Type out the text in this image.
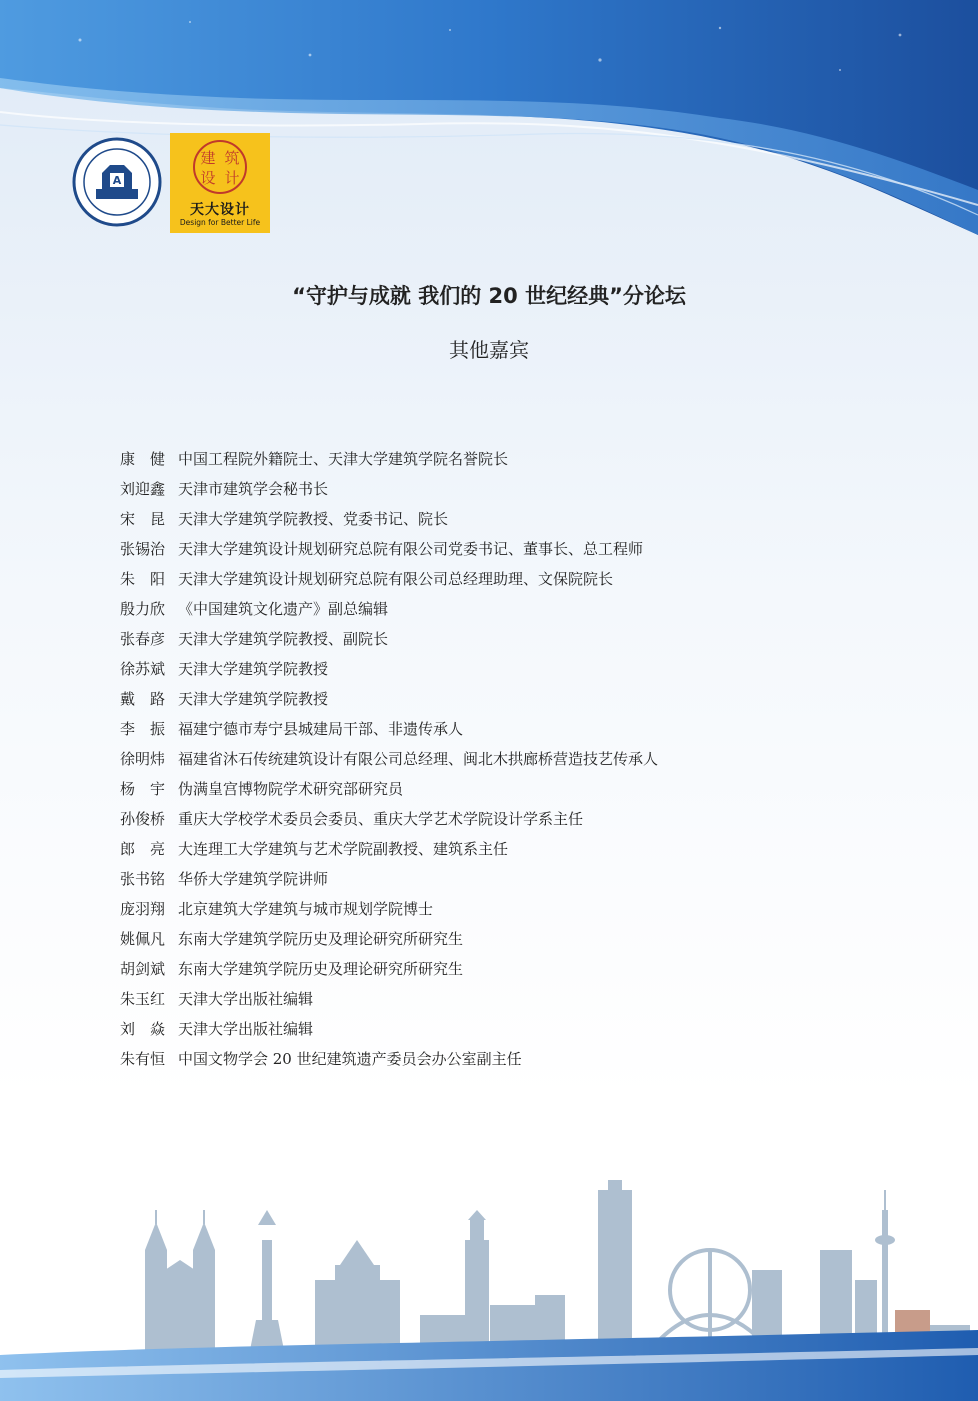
A
建 筑
设 计
天大设计
Design for Better Life
“守护与成就 我们的 20 世纪经典”分论坛
其他嘉宾
康　健 中国工程院外籍院士、天津大学建筑学院名誉院长
刘迎鑫 天津市建筑学会秘书长
宋　昆 天津大学建筑学院教授、党委书记、院长
张锡治 天津大学建筑设计规划研究总院有限公司党委书记、董事长、总工程师
朱　阳 天津大学建筑设计规划研究总院有限公司总经理助理、文保院院长
殷力欣 《中国建筑文化遗产》副总编辑
张春彦 天津大学建筑学院教授、副院长
徐苏斌 天津大学建筑学院教授
戴　路 天津大学建筑学院教授
李　振 福建宁德市寿宁县城建局干部、非遗传承人
徐明炜 福建省沐石传统建筑设计有限公司总经理、闽北木拱廊桥营造技艺传承人
杨　宇 伪满皇宫博物院学术研究部研究员
孙俊桥 重庆大学校学术委员会委员、重庆大学艺术学院设计学系主任
郎　亮 大连理工大学建筑与艺术学院副教授、建筑系主任
张书铭 华侨大学建筑学院讲师
庞羽翔 北京建筑大学建筑与城市规划学院博士
姚佩凡 东南大学建筑学院历史及理论研究所研究生
胡剑斌 东南大学建筑学院历史及理论研究所研究生
朱玉红 天津大学出版社编辑
刘　焱 天津大学出版社编辑
朱有恒 中国文物学会 20 世纪建筑遗产委员会办公室副主任
